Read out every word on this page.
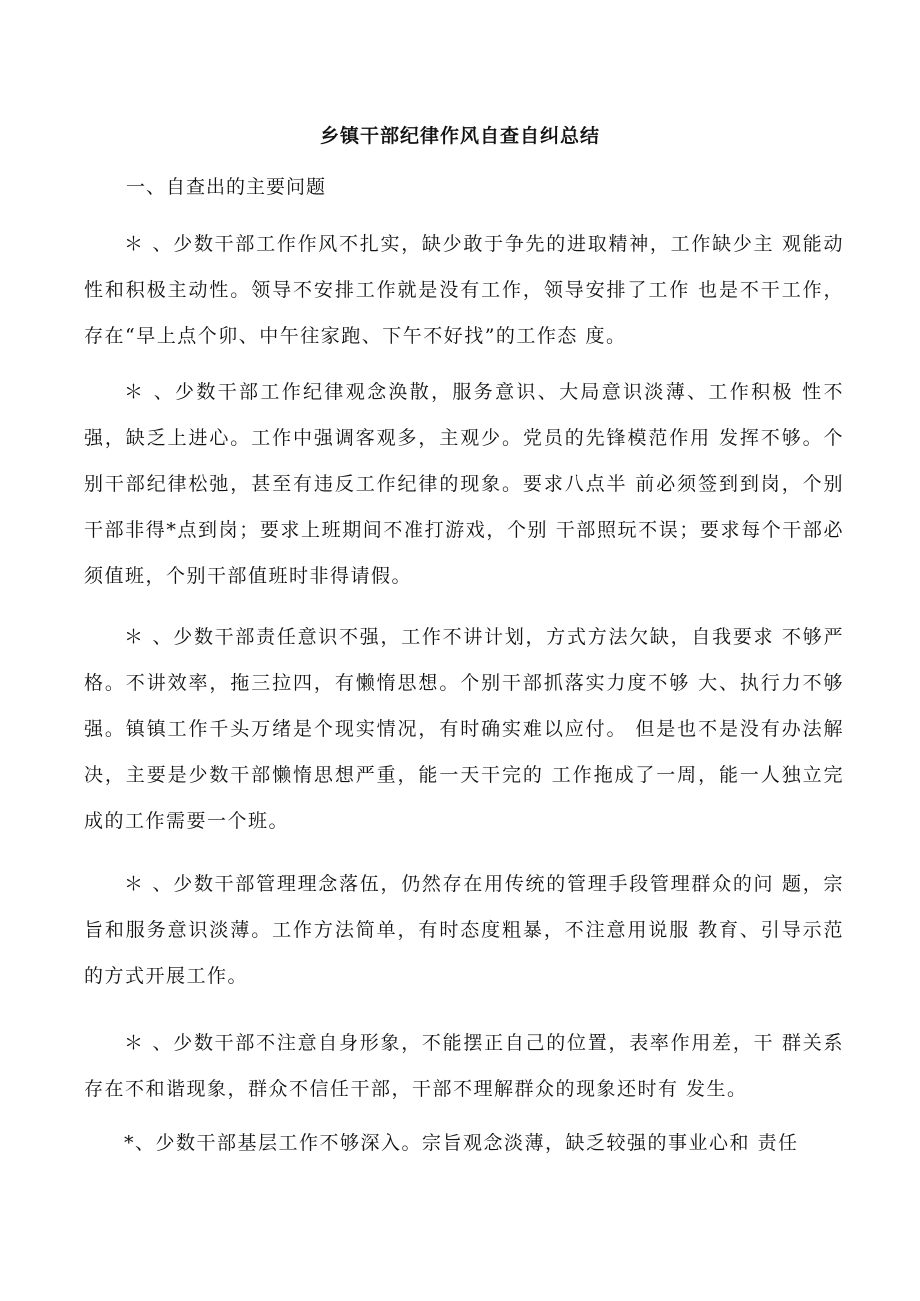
乡镇干部纪律作风自查自纠总结
一、自查出的主要问题

＊ 、少数干部工作作风不扎实，缺少敢于争先的进取精神，工作缺少主 观能动性和积极主动性。领导不安排工作就是没有工作，领导安排了工作 也是不干工作，存在“早上点个卯、中午往家跑、下午不好找”的工作态 度。

＊ 、少数干部工作纪律观念涣散，服务意识、大局意识淡薄、工作积极 性不强，缺乏上进心。工作中强调客观多，主观少。党员的先锋模范作用 发挥不够。个别干部纪律松弛，甚至有违反工作纪律的现象。要求八点半 前必须签到到岗，个别干部非得*点到岗；要求上班期间不准打游戏，个别 干部照玩不误；要求每个干部必须值班，个别干部值班时非得请假。

＊ 、少数干部责任意识不强，工作不讲计划，方式方法欠缺，自我要求 不够严格。不讲效率，拖三拉四，有懒惰思想。个别干部抓落实力度不够 大、执行力不够强。镇镇工作千头万绪是个现实情况，有时确实难以应付。 但是也不是没有办法解决，主要是少数干部懒惰思想严重，能一天干完的 工作拖成了一周，能一人独立完成的工作需要一个班。

＊ 、少数干部管理理念落伍，仍然存在用传统的管理手段管理群众的问 题，宗旨和服务意识淡薄。工作方法简单，有时态度粗暴，不注意用说服 教育、引导示范的方式开展工作。

＊ 、少数干部不注意自身形象，不能摆正自己的位置，表率作用差，干 群关系存在不和谐现象，群众不信任干部，干部不理解群众的现象还时有 发生。

*、少数干部基层工作不够深入。宗旨观念淡薄，缺乏较强的事业心和 责任
